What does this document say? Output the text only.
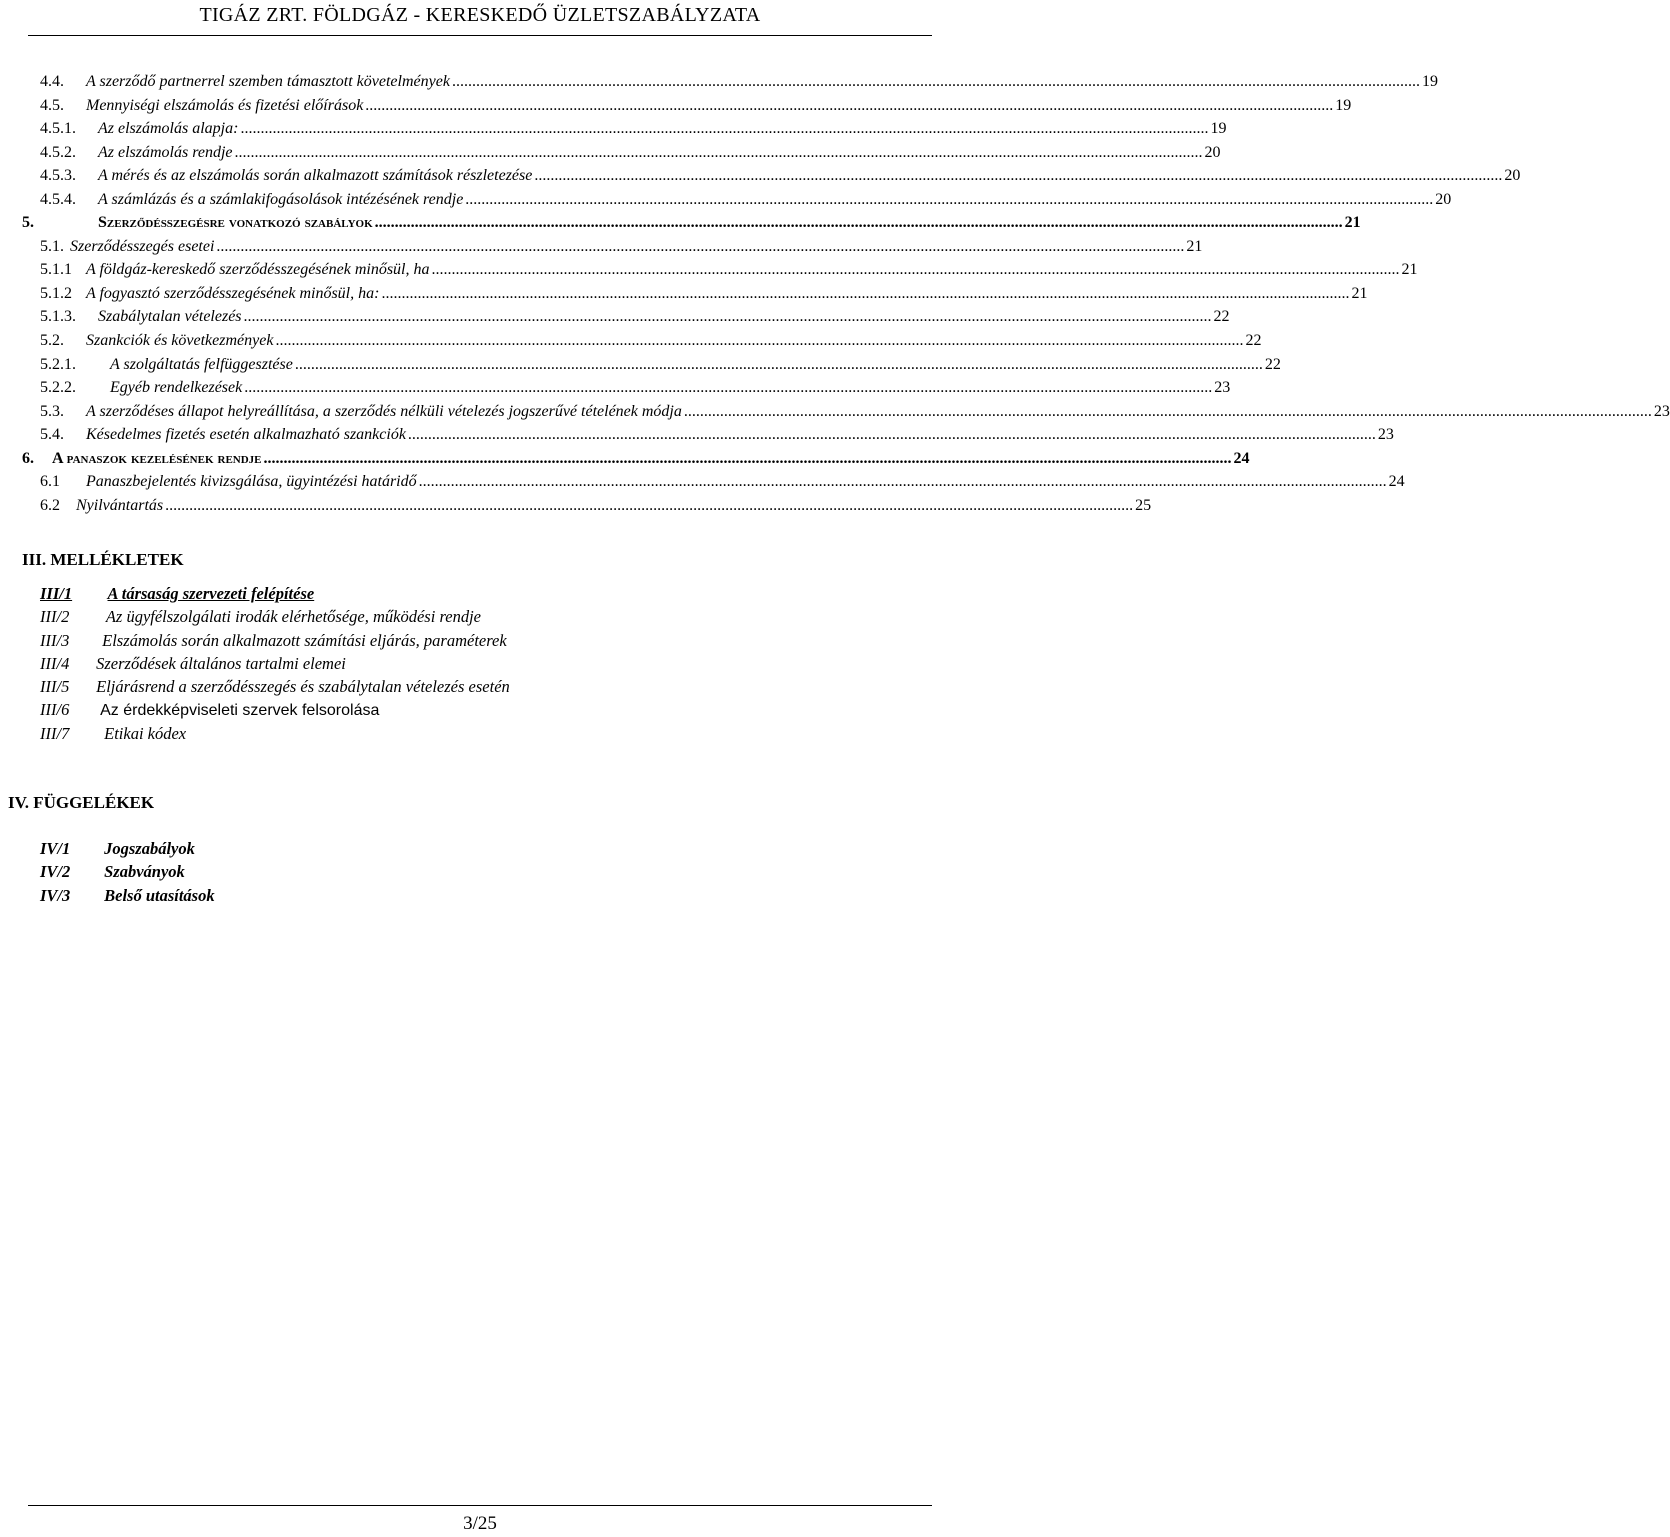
TIGÁZ ZRT. FÖLDGÁZ - KERESKEDŐ ÜZLETSZABÁLYZATA
4.4.	A szerződő partnerrel szemben támasztott követelmények .....	19
4.5.	Mennyiségi elszámolás és fizetési előírások .....	19
4.5.1.	Az elszámolás alapja: .....	19
4.5.2.	Az elszámolás rendje .....	20
4.5.3.	A mérés és az elszámolás során alkalmazott számítások részletezése .....	20
4.5.4.	A számlázás és a számlakifogásolások intézésének rendje .....	20
5.	Szerződésszegésre vonatkozó szabályok .....	21
5.1. Szerződésszegés esetei .....	21
5.1.1 A földgáz-kereskedő szerződésszegésének minősül, ha .....	21
5.1.2 A fogyasztó szerződésszegésének minősül, ha: .....	21
5.1.3.	Szabálytalan vételezés .....	22
5.2.	Szankciók és következmények .....	22
5.2.1.	A szolgáltatás felfüggesztése .....	22
5.2.2.	Egyéb rendelkezések .....	23
5.3.	A szerződéses állapot helyreállítása, a szerződés nélküli vételezés jogszerűvé tételének módja .....	23
5.4.	Késedelmes fizetés esetén alkalmazható szankciók .....	23
6.	A panaszok kezelésének rendje .....	24
6.1	Panaszbejelentés kivizsgálása, ügyintézési határidő .....	24
6.2	Nyilvántartás .....	25
III. MELLÉKLETEK
III/1 A társaság szervezeti felépítése
III/2 Az ügyfélszolgálati irodák elérhetősége, működési rendje
III/3 Elszámolás során alkalmazott számítási eljárás, paraméterek
III/4 Szerződések általános tartalmi elemei
III/5 Eljárásrend a szerződésszegés és szabálytalan vételezés esetén
III/6 Az érdekképviseleti szervek felsorolása
III/7 Etikai kódex
IV. FÜGGELÉKEK
IV/1 Jogszabályok
IV/2 Szabványok
IV/3 Belső utasítások
3/25
